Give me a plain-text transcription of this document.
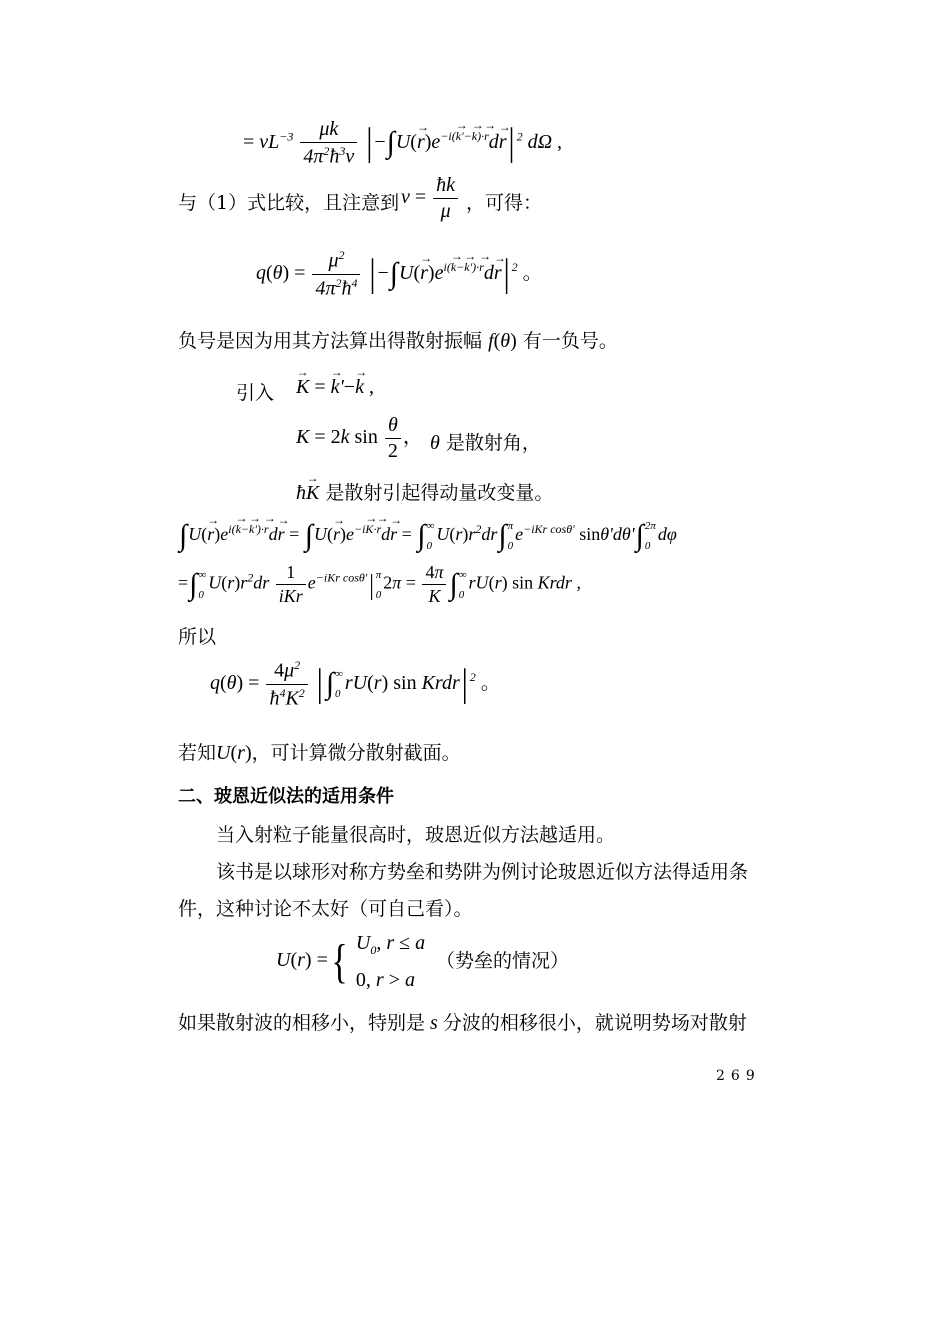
= $vL^{-3} \frac{\mu k}{4\pi^2ħ^3v}$ | $-\int U(r \to)e^{-i(k \to'-k \to)\cdot r} \to dr$ →| $^2$ dΩ ,
与（1）式比较，且注意到 $v = \frac{ħk}{\mu}$ ，可得：
$q(\theta) = \frac{\mu^2}{4\pi^2ħ^4}$ | $-\int U(r \to)e^{i(k \to-k \to')\cdot r} \to dr$ →| $^2$ 。
负号是因为用其方法算出得散射振幅 f(θ) 有一负号。
引入 K → = k →'−k → ,
K = 2k $\sin \frac{\theta}{2}$ ， θ 是散射角，
ħK → 是散射引起得动量改变量。
$\int U(r \to)e^{i(k \to-k \to')\cdot r} \to dr$ → = $\int U(r \to)e^{-iK \to\cdot r} \to dr$ → = ∫∞
$0U(r)r^2dr\int\pi$
$0e^{-iKr cos\theta'}$ sinθ'dθ'∫2π
0dφ
=∫∞
$0U(r)r^2dr \frac{1}{\text{iKr}} e^{-iKr cos\theta'}|$ π
$02\pi = \frac{4\pi}{K}$ ∫∞
0rU(r) sin Krdr ,
所以
$q(\theta) = \frac{4\mu^2}{ħ^4K^2}$ | ∫∞
0rU(r) sin Krdr| $^2$ 。
若知U(r)，可计算微分散射截面。
二、玻恩近似法的适用条件
当入射粒子能量很高时，玻恩近似方法越适用。
该书是以球形对称方势垒和势阱为例讨论玻恩近似方法得适用条
件，这种讨论不太好（可自己看）。
U(r) ={ $U_0$, r ≤ a
0, r > a
（势垒的情况）
如果散射波的相移小，特别是 s 分波的相移很小，就说明势场对散射
269
